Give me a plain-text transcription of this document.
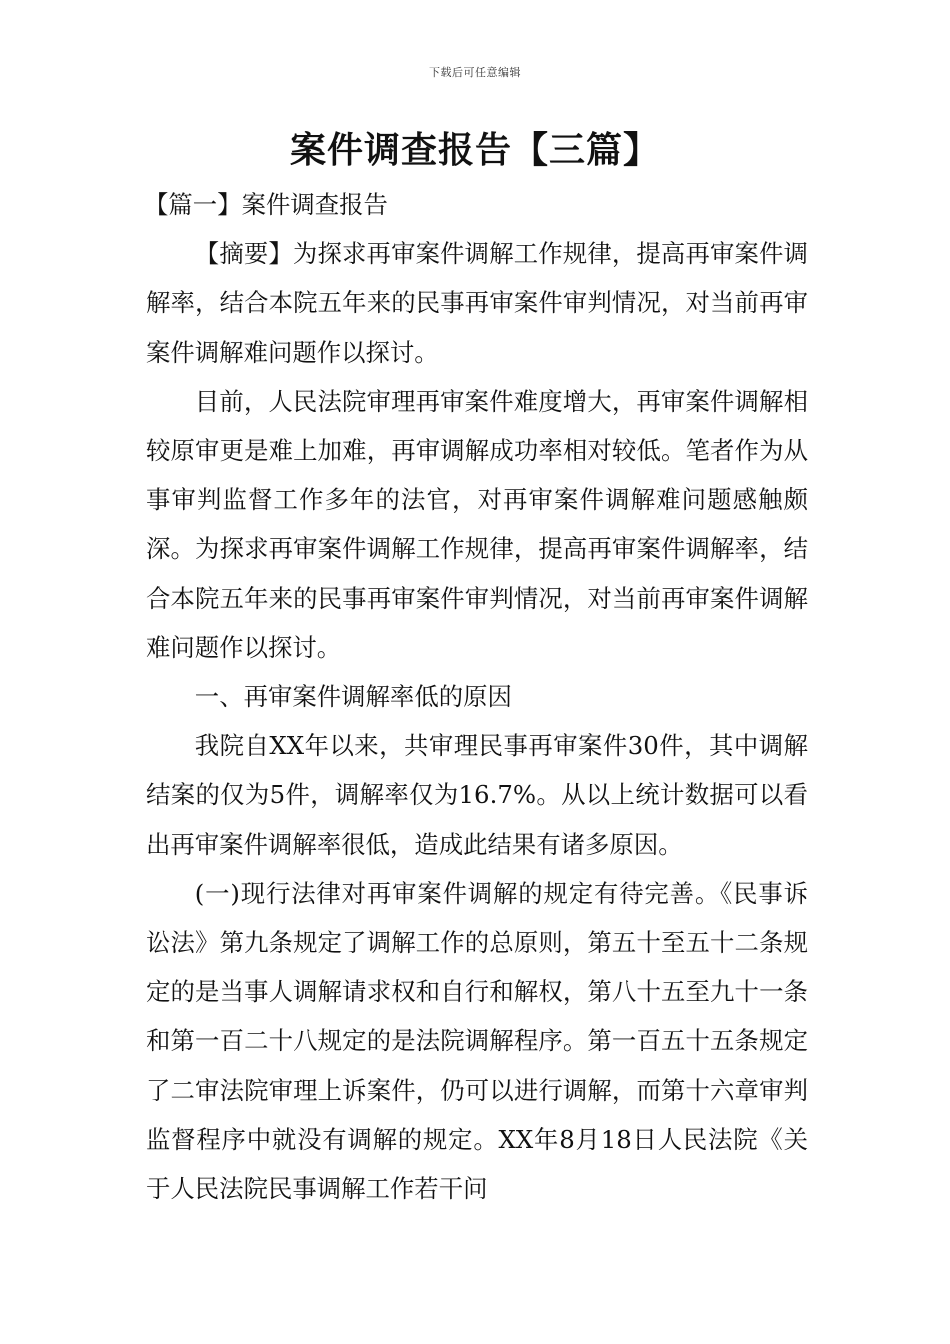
下载后可任意编辑
案件调查报告【三篇】

【篇一】案件调查报告

【摘要】为探求再审案件调解工作规律，提高再审案件调解率，结合本院五年来的民事再审案件审判情况，对当前再审案件调解难问题作以探讨。

目前，人民法院审理再审案件难度增大，再审案件调解相较原审更是难上加难，再审调解成功率相对较低。笔者作为从事审判监督工作多年的法官，对再审案件调解难问题感触颇深。为探求再审案件调解工作规律，提高再审案件调解率，结合本院五年来的民事再审案件审判情况，对当前再审案件调解难问题作以探讨。

一、再审案件调解率低的原因

我院自XX年以来，共审理民事再审案件30件，其中调解结案的仅为5件，调解率仅为16.7%。从以上统计数据可以看出再审案件调解率很低，造成此结果有诸多原因。

(一)现行法律对再审案件调解的规定有待完善。《民事诉讼法》第九条规定了调解工作的总原则，第五十至五十二条规定的是当事人调解请求权和自行和解权，第八十五至九十一条和第一百二十八规定的是法院调解程序。第一百五十五条规定了二审法院审理上诉案件，仍可以进行调解，而第十六章审判监督程序中就没有调解的规定。XX年8月18日人民法院《关于人民法院民事调解工作若干问
